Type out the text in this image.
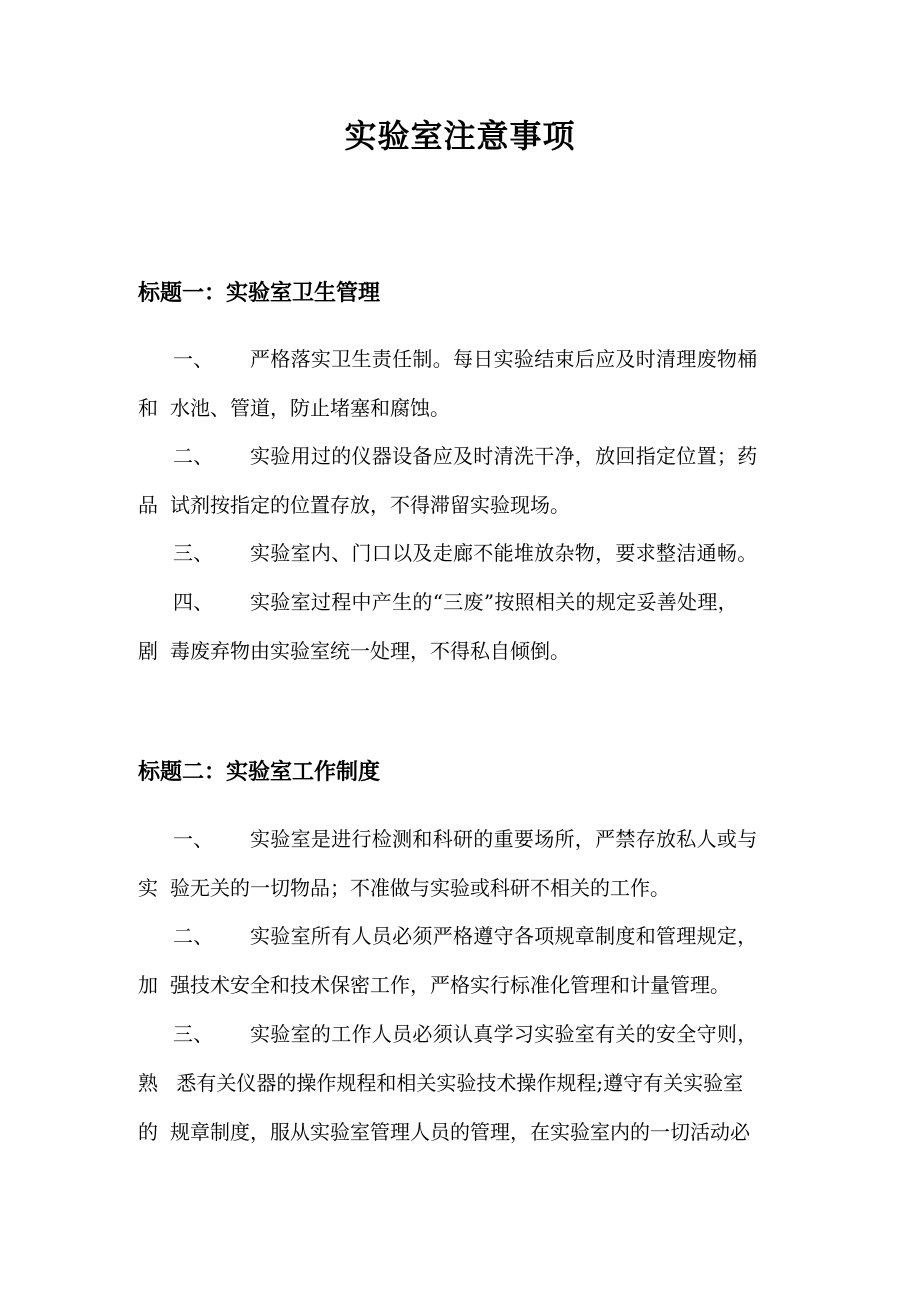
实验室注意事项
标题一：实验室卫生管理
一、 严格落实卫生责任制。每日实验结束后应及时清理废物桶
和 水池、管道，防止堵塞和腐蚀。
二、 实验用过的仪器设备应及时清洗干净，放回指定位置；药
品 试剂按指定的位置存放，不得滞留实验现场。
三、 实验室内、门口以及走廊不能堆放杂物，要求整洁通畅。
四、 实验室过程中产生的“三废”按照相关的规定妥善处理，
剧 毒废弃物由实验室统一处理，不得私自倾倒。
标题二：实验室工作制度
一、 实验室是进行检测和科研的重要场所，严禁存放私人或与
实 验无关的一切物品；不准做与实验或科研不相关的工作。
二、 实验室所有人员必须严格遵守各项规章制度和管理规定，
加 强技术安全和技术保密工作，严格实行标准化管理和计量管理。
三、 实验室的工作人员必须认真学习实验室有关的安全守则，
熟 悉有关仪器的操作规程和相关实验技术操作规程;遵守有关实验室
的 规章制度，服从实验室管理人员的管理，在实验室内的一切活动必
